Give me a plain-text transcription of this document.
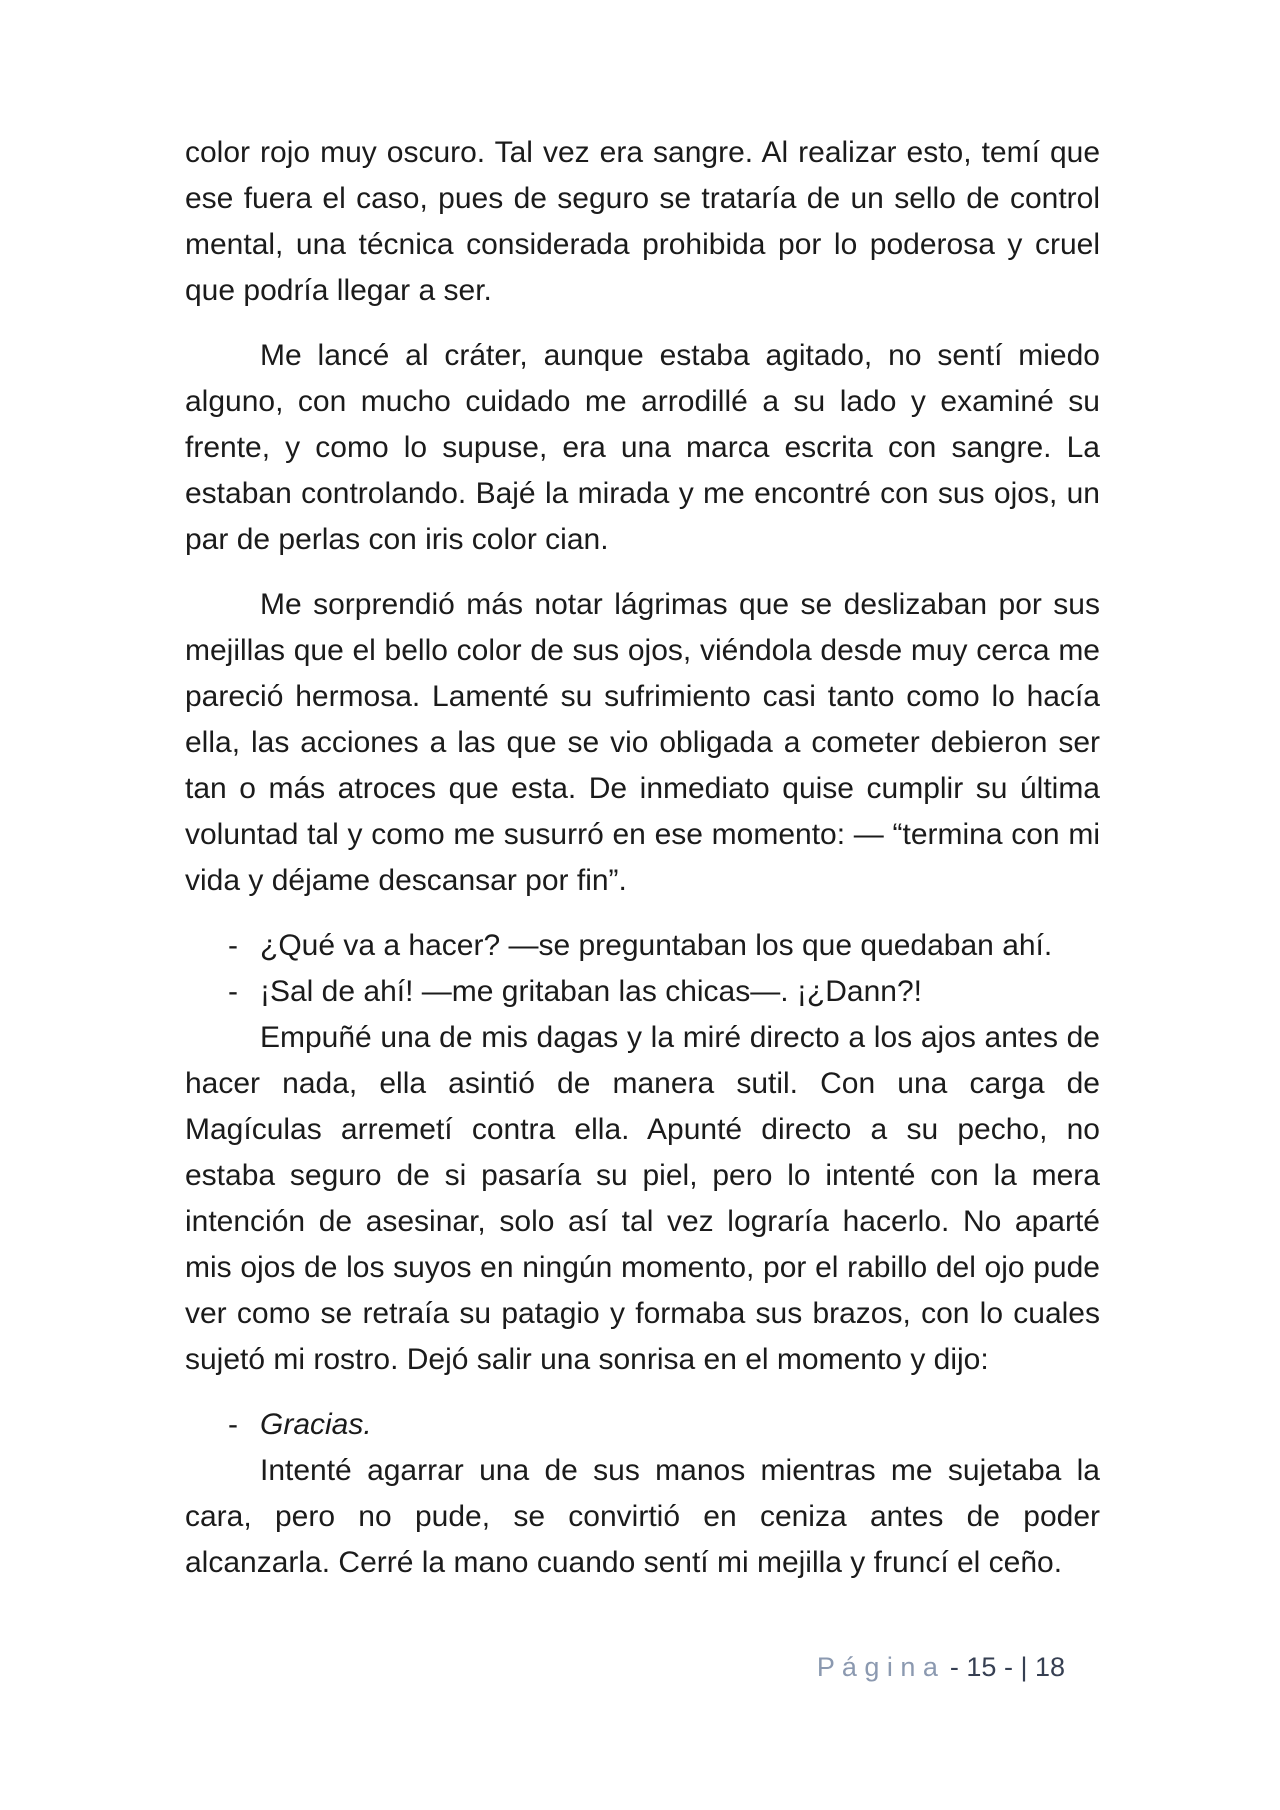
color rojo muy oscuro. Tal vez era sangre. Al realizar esto, temí que ese fuera el caso, pues de seguro se trataría de un sello de control mental, una técnica considerada prohibida por lo poderosa y cruel que podría llegar a ser.

Me lancé al cráter, aunque estaba agitado, no sentí miedo alguno, con mucho cuidado me arrodillé a su lado y examiné su frente, y como lo supuse, era una marca escrita con sangre. La estaban controlando. Bajé la mirada y me encontré con sus ojos, un par de perlas con iris color cian.

Me sorprendió más notar lágrimas que se deslizaban por sus mejillas que el bello color de sus ojos, viéndola desde muy cerca me pareció hermosa. Lamenté su sufrimiento casi tanto como lo hacía ella, las acciones a las que se vio obligada a cometer debieron ser tan o más atroces que esta. De inmediato quise cumplir su última voluntad tal y como me susurró en ese momento: — “termina con mi vida y déjame descansar por fin”.

- ¿Qué va a hacer? —se preguntaban los que quedaban ahí.
- ¡Sal de ahí! —me gritaban las chicas—. ¡¿Dann?!

Empuñé una de mis dagas y la miré directo a los ajos antes de hacer nada, ella asintió de manera sutil. Con una carga de Magículas arremetí contra ella. Apunté directo a su pecho, no estaba seguro de si pasaría su piel, pero lo intenté con la mera intención de asesinar, solo así tal vez lograría hacerlo. No aparté mis ojos de los suyos en ningún momento, por el rabillo del ojo pude ver como se retraía su patagio y formaba sus brazos, con lo cuales sujetó mi rostro. Dejó salir una sonrisa en el momento y dijo:

- Gracias.

Intenté agarrar una de sus manos mientras me sujetaba la cara, pero no pude, se convirtió en ceniza antes de poder alcanzarla. Cerré la mano cuando sentí mi mejilla y fruncí el ceño.

P á g i n a - 15 - | 18
